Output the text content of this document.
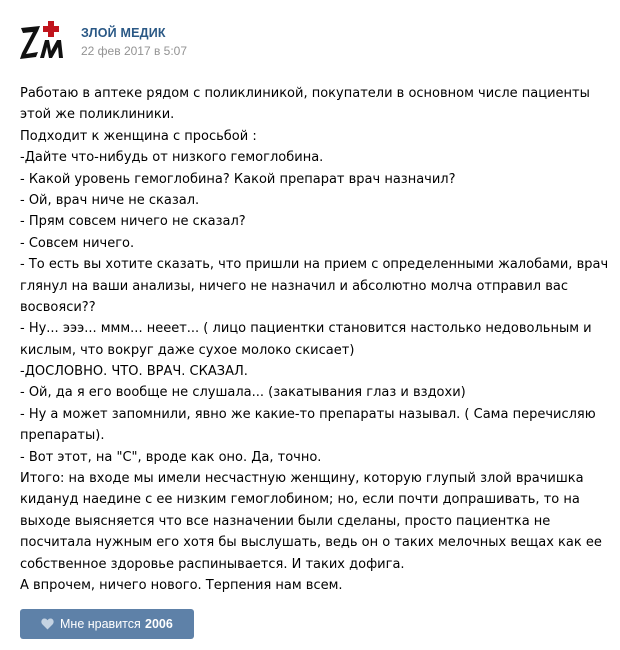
ЗЛОЙ МЕДИК
22 фев 2017 в 5:07
Работаю в аптеке рядом с поликлиникой, покупатели в основном числе пациенты
этой же поликлиники.
Подходит к женщина с просьбой :
-Дайте что-нибудь от низкого гемоглобина.
- Какой уровень гемоглобина? Какой препарат врач назначил?
- Ой, врач ниче не сказал.
- Прям совсем ничего не сказал?
- Совсем ничего.
- То есть вы хотите сказать, что пришли на прием с определенными жалобами, врач
глянул на ваши анализы, ничего не назначил и абсолютно молча отправил вас
восвояси??
- Ну... эээ... ммм... нееет... ( лицо пациентки становится настолько недовольным и
кислым, что вокруг даже сухое молоко скисает)
-ДОСЛОВНО. ЧТО. ВРАЧ. СКАЗАЛ.
- Ой, да я его вообще не слушала... (закатывания глаз и вздохи)
- Ну а может запомнили, явно же какие-то препараты называл. ( Сама перечисляю
препараты).
- Вот этот, на "С", вроде как оно. Да, точно.
Итого: на входе мы имели несчастную женщину, которую глупый злой врачишка
кидануд наедине с ее низким гемоглобином; но, если почти допрашивать, то на
выходе выясняется что все назначении были сделаны, просто пациентка не
посчитала нужным его хотя бы выслушать, ведь он о таких мелочных вещах как ее
собственное здоровье распинывается. И таких дофига.
А впрочем, ничего нового. Терпения нам всем.
Мне нравится 2006
